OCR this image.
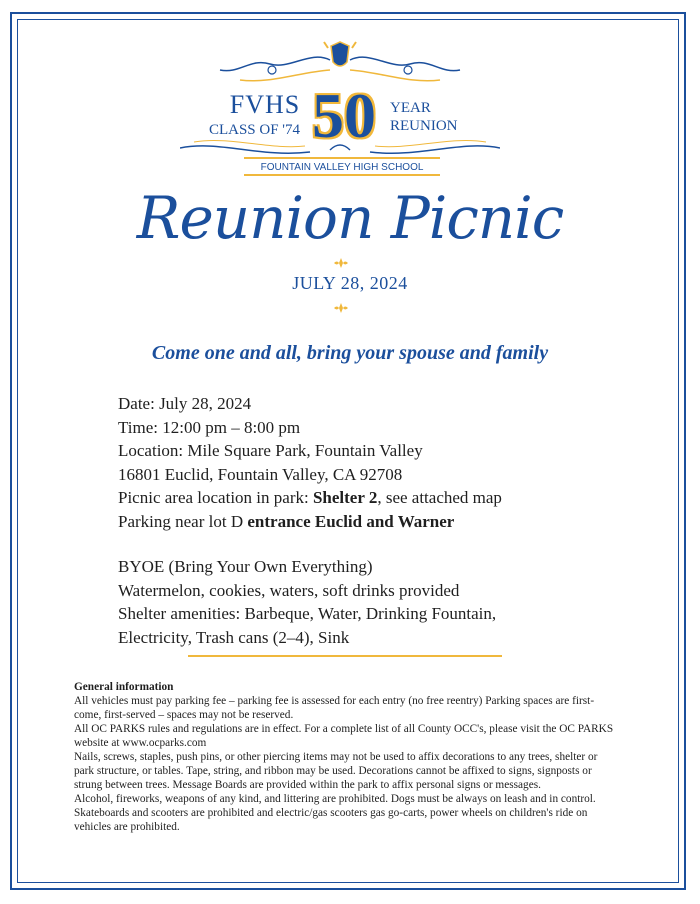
FVHS
CLASS OF '74 50 YEAR
REUNION
FOUNTAIN VALLEY HIGH SCHOOL
Reunion Picnic
JULY 28, 2024
Come one and all, bring your spouse and family
Date: July 28, 2024
Time: 12:00 pm – 8:00 pm
Location: Mile Square Park, Fountain Valley
16801 Euclid, Fountain Valley, CA 92708
Picnic area location in park: Shelter 2, see attached map
Parking near lot D entrance Euclid and Warner
BYOE (Bring Your Own Everything)
Watermelon, cookies, waters, soft drinks provided
Shelter amenities: Barbeque, Water, Drinking Fountain,
Electricity, Trash cans (2–4), Sink
General information
All vehicles must pay parking fee – parking fee is assessed for each entry (no free reentry) Parking spaces are first-come, first-served – spaces may not be reserved.
All OC PARKS rules and regulations are in effect. For a complete list of all County OCC's, please visit the OC PARKS website at www.ocparks.com
Nails, screws, staples, push pins, or other piercing items may not be used to affix decorations to any trees, shelter or park structure, or tables. Tape, string, and ribbon may be used. Decorations cannot be affixed to signs, signposts or strung between trees. Message Boards are provided within the park to affix personal signs or messages.
Alcohol, fireworks, weapons of any kind, and littering are prohibited. Dogs must be always on leash and in control. Skateboards and scooters are prohibited and electric/gas scooters gas go-carts, power wheels on children's ride on vehicles are prohibited.
